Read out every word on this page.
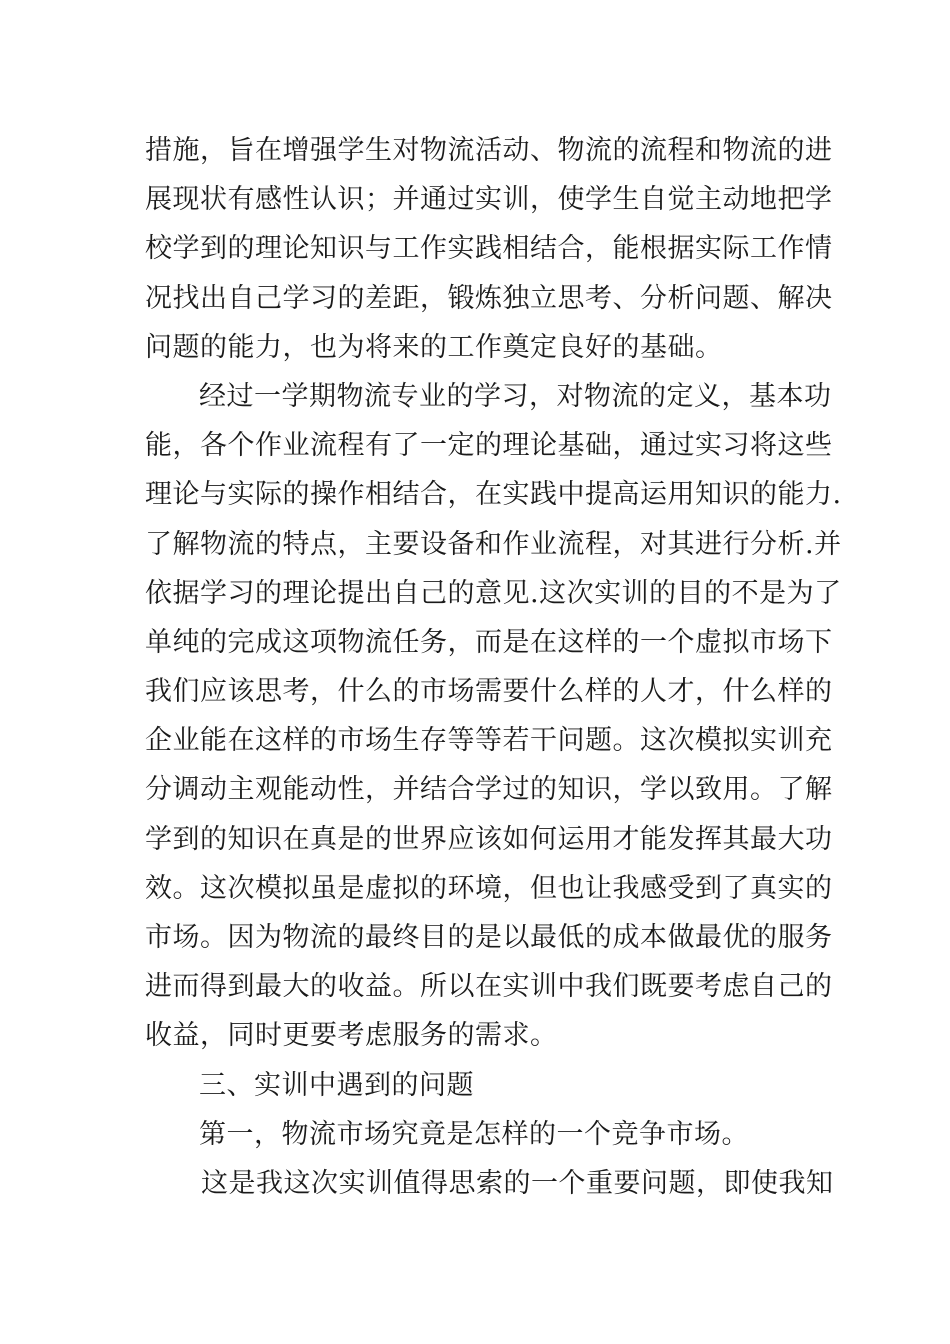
措施，旨在增强学生对物流活动、物流的流程和物流的进
展现状有感性认识；并通过实训，使学生自觉主动地把学
校学到的理论知识与工作实践相结合，能根据实际工作情
况找出自己学习的差距，锻炼独立思考、分析问题、解决
问题的能力，也为将来的工作奠定良好的基础。
经过一学期物流专业的学习，对物流的定义，基本功
能，各个作业流程有了一定的理论基础，通过实习将这些
理论与实际的操作相结合，在实践中提高运用知识的能力.
了解物流的特点，主要设备和作业流程，对其进行分析.并
依据学习的理论提出自己的意见.这次实训的目的不是为了
单纯的完成这项物流任务，而是在这样的一个虚拟市场下
我们应该思考，什么的市场需要什么样的人才，什么样的
企业能在这样的市场生存等等若干问题。这次模拟实训充
分调动主观能动性，并结合学过的知识，学以致用。了解
学到的知识在真是的世界应该如何运用才能发挥其最大功
效。这次模拟虽是虚拟的环境，但也让我感受到了真实的
市场。因为物流的最终目的是以最低的成本做最优的服务
进而得到最大的收益。所以在实训中我们既要考虑自己的
收益，同时更要考虑服务的需求。
三、实训中遇到的问题
第一，物流市场究竟是怎样的一个竞争市场。
这是我这次实训值得思索的一个重要问题，即使我知
